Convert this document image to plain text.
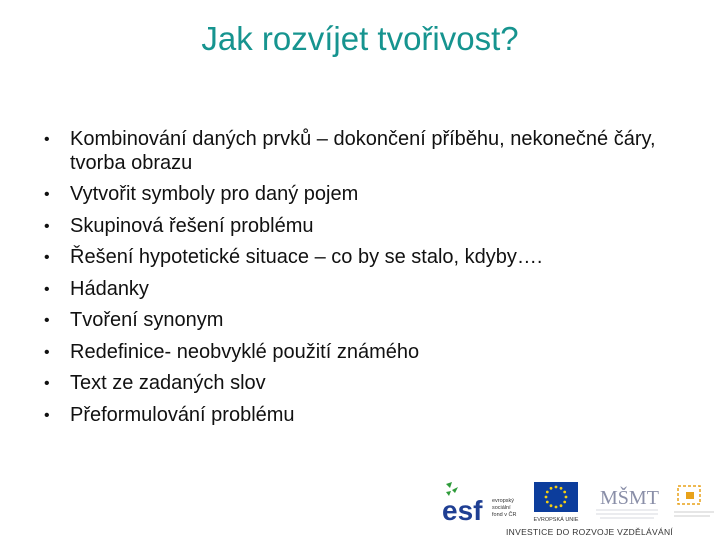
Jak rozvíjet tvořivost?
• Kombinování daných prvků – dokončení příběhu, nekonečné čáry, tvorba obrazu
• Vytvořit symboly pro daný pojem
• Skupinová řešení problému
• Řešení hypotetické situace – co by se stalo, kdyby….
• Hádanky
• Tvoření synonym
• Redefinice- neobvyklé použití známého
• Text ze zadaných slov
• Přeformulování problému
esf evropský
sociální
fond v ČR
EVROPSKÁ UNIE
MŠMT
INVESTICE DO ROZVOJE VZDĚLÁVÁNÍ
